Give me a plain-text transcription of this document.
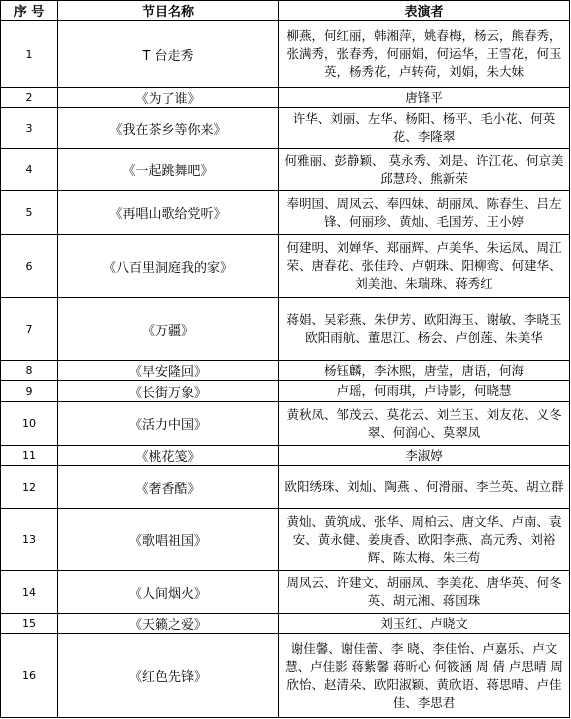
序 号	节目名称	表演者
1	T 台走秀	柳燕，何红丽，韩湘萍，姚春梅，杨云，熊春秀，张满秀，张春秀，何丽娟，何运华，王雪花，何玉英，杨秀花，卢转荷，刘娟，朱大妹
2	《为了谁》	唐锋平
3	《我在茶乡等你来》	许华、刘丽、左华、杨阳、杨平、毛小花、何英花、李隆翠
4	《一起跳舞吧》	何雅丽、彭静颖、 莫永秀、刘是、许江花、何京美 邱慧玲、熊新荣
5	《再唱山歌给党听》	奉明国、周凤云、奉四妹、胡丽凤、陈春生、吕左锋、何丽珍、黄灿、毛国芳、王小婷
6	《八百里洞庭我的家》	何建明、刘婵华、郑丽辉、卢美华、朱运凤、周江荣、唐春花、张佳玲、卢朝珠、阳柳鸾、何建华、刘美池、朱瑞珠、蒋秀红
7	《万疆》	蒋娟、吴彩燕、朱伊芳、欧阳海玉、谢敏、李晓玉欧阳雨航、董思江、杨会、卢创莲、朱美华
8	《早安隆回》	杨钰麟，李沐熙，唐莹，唐语，何海
9	《长街万象》	卢瑶，何雨琪，卢诗影，何晓慧
10	《活力中国》	黄秋凤、邹茂云、莫花云、刘兰玉、刘友花、义冬翠、何润心、莫翠凤
11	《桃花笺》	李淑婷
12	《奢香酷》	欧阳绣珠、刘灿、陶燕 、何滑丽、李兰英、胡立群
13	《歌唱祖国》	黄灿、黄筑成、张华、周柏云、唐文华、卢南、袁安、黄永健、姜庚香、欧阳李燕、高元秀、刘裕辉、陈太梅、朱三苟
14	《人间烟火》	周凤云、许建文、胡丽凤、李美花、唐华英、何冬英、胡元湘、蒋国珠
15	《天籁之爱》	刘玉红、卢晓文
16	《红色先锋》	谢佳馨、谢佳蕾、李 晓、李佳怡、卢嘉乐、卢文慧、卢佳影 蒋紫馨 蒋昕心 何筱涵 周 倩 卢思晴 周欣怡、赵清朵、欧阳淑颖、黄欣语、蒋思晴、卢佳佳、李思君
